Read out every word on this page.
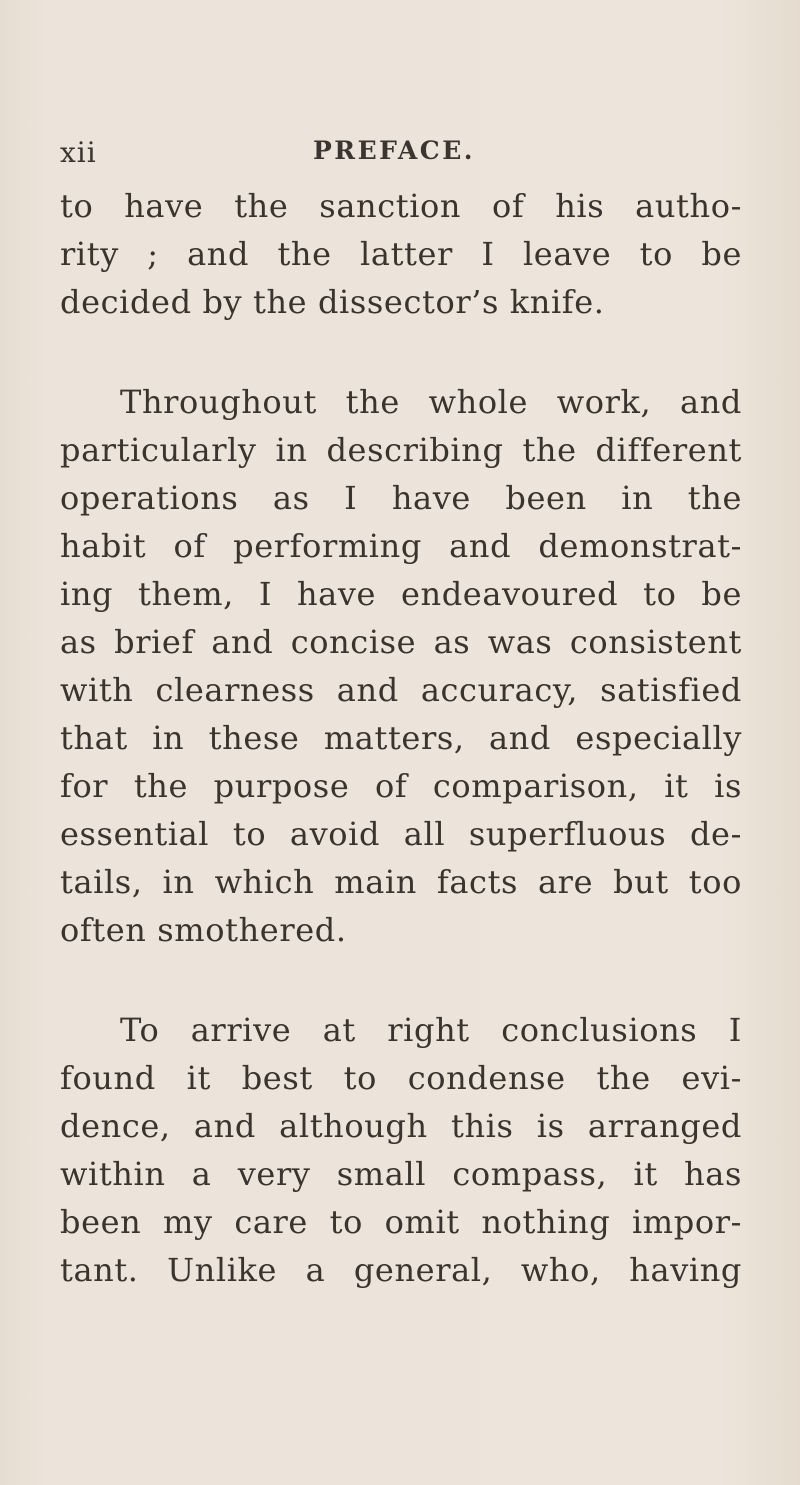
xii	PREFACE.
to have the sanction of his autho-
rity ; and the latter I leave to be
decided by the dissector’s knife.
Throughout the whole work, and
particularly in describing the different
operations as I have been in the
habit of performing and demonstrat-
ing them, I have endeavoured to be
as brief and concise as was consistent
with clearness and accuracy, satisfied
that in these matters, and especially
for the purpose of comparison, it is
essential to avoid all superfluous de-
tails, in which main facts are but too
often smothered.
To arrive at right conclusions I
found it best to condense the evi-
dence, and although this is arranged
within a very small compass, it has
been my care to omit nothing impor-
tant. Unlike a general, who, having
